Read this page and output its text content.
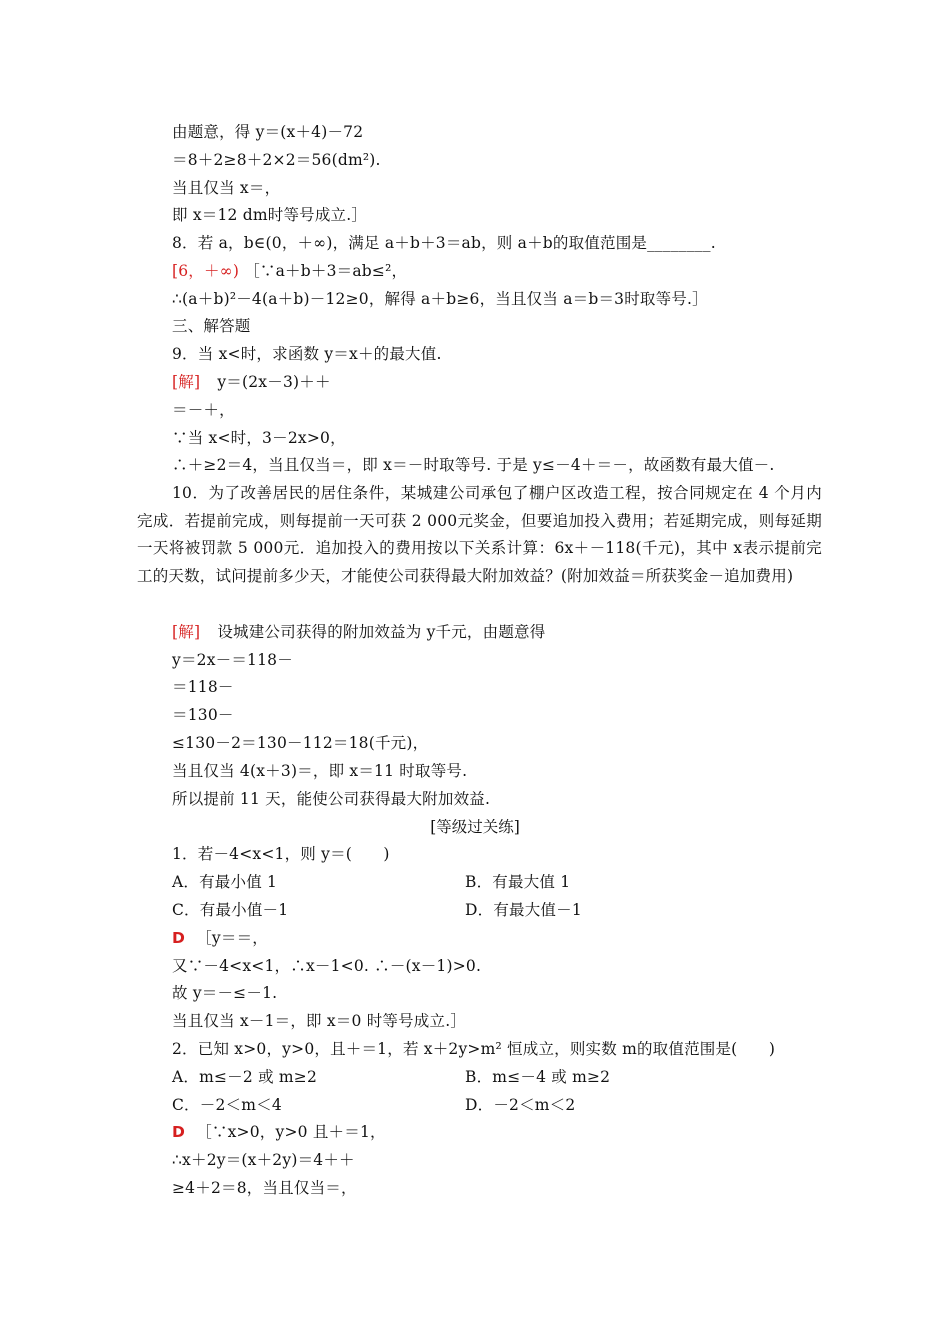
由题意，得 y＝(x＋4)－72
＝8＋2≥8＋2×2＝56(dm²).
当且仅当 x＝，
即 x＝12 dm时等号成立.］
8．若 a，b∈(0，＋∞)，满足 a＋b＋3＝ab，则 a＋b的取值范围是________.
[6，＋∞) ［∵a＋b＋3＝ab≤²，
∴(a＋b)²－4(a＋b)－12≥0，解得 a＋b≥6，当且仅当 a＝b＝3时取等号.］
三、解答题
9．当 x<时，求函数 y＝x＋的最大值.
[解] y＝(2x－3)＋＋
＝－＋，
∵当 x<时，3－2x>0，
∴＋≥2＝4，当且仅当＝，即 x＝－时取等号. 于是 y≤－4＋＝－，故函数有最大值－.
10．为了改善居民的居住条件，某城建公司承包了棚户区改造工程，按合同规定在 4 个月内完成．若提前完成，则每提前一天可获 2 000元奖金，但要追加投入费用；若延期完成，则每延期一天将被罚款 5 000元．追加投入的费用按以下关系计算：6x＋－118(千元)，其中 x表示提前完工的天数，试问提前多少天，才能使公司获得最大附加效益？(附加效益＝所获奖金－追加费用)
[解] 设城建公司获得的附加效益为 y千元，由题意得
y＝2x－＝118－
＝118－
＝130－
≤130－2＝130－112＝18(千元)，
当且仅当 4(x＋3)＝，即 x＝11 时取等号.
所以提前 11 天，能使公司获得最大附加效益.
[等级过关练]
1．若－4<x<1，则 y＝(　　)
A．有最小值 1	B．有最大值 1
C．有最小值－1	D．有最大值－1
D ［y＝＝，
又∵－4<x<1，∴x－1<0. ∴－(x－1)>0.
故 y＝－≤－1.
当且仅当 x－1＝，即 x＝0 时等号成立.］
2．已知 x>0，y>0，且＋＝1，若 x＋2y>m² 恒成立，则实数 m的取值范围是(　　)
A．m≤－2 或 m≥2	B．m≤－4 或 m≥2
C．－2＜m＜4	D．－2＜m＜2
D ［∵x>0，y>0 且＋＝1，
∴x＋2y＝(x＋2y)＝4＋＋
≥4＋2＝8，当且仅当＝，
